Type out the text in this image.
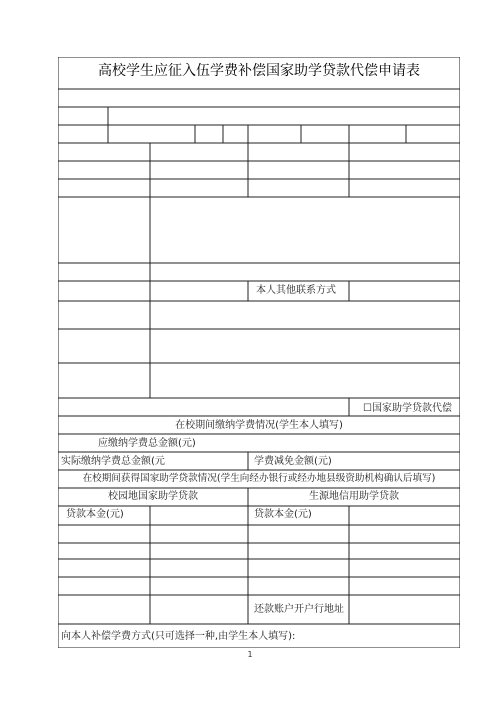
高校学生应征入伍学费补偿国家助学贷款代偿申请表
本人其他联系方式
☐国家助学贷款代偿
在校期间缴纳学费情况(学生本人填写)
应缴纳学费总金额(元)
实际缴纳学费总金额(元	学费减免金额(元)
在校期间获得国家助学贷款情况(学生向经办银行或经办地县级资助机构确认后填写)
校园地国家助学贷款	生源地信用助学贷款
贷款本金(元)	贷款本金(元)
还款账户开户行地址
向本人补偿学费方式(只可选择一种,由学生本人填写):
1
